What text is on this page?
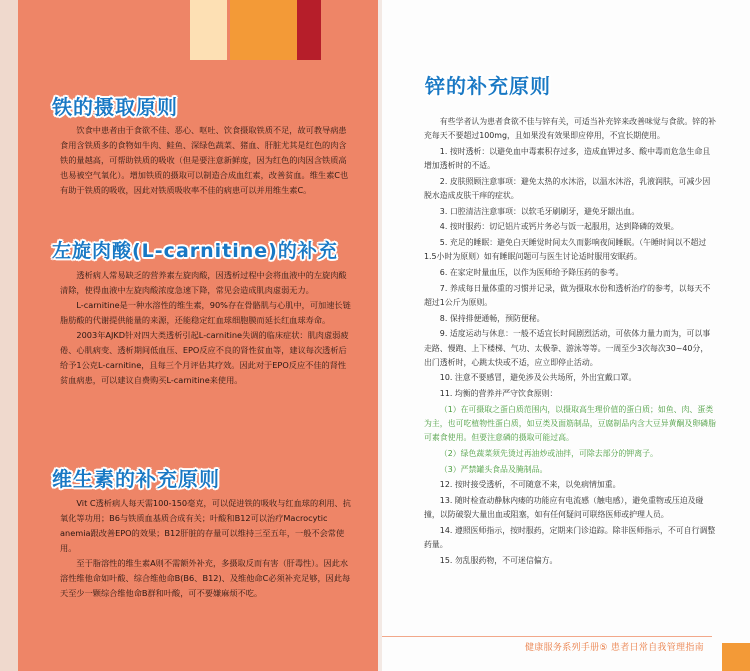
铁的摄取原则

饮食中患者由于食欲不佳、恶心、呕吐、饮食摄取铁质不足，故可教导病患食用含铁质多的食物如牛肉、鲑鱼、深绿色蔬菜、猪血、肝脏尤其是红色的肉含铁的量越高，可帮助铁质的吸收（但是要注意新鲜度，因为红色的肉因含铁质高也易被空气氧化）。增加铁质的摄取可以制造合成血红素，改善贫血。维生素C也有助于铁质的吸收，因此对铁质吸收率不佳的病患可以并用维生素C。

左旋肉酸(L-carnitine)的补充

透析病人常易缺乏的营养素左旋肉酸，因透析过程中会将血液中的左旋肉酸清除，使得血液中左旋肉酸浓度急速下降，常见会造成肌肉虚弱无力。

L-carnitine是一种水溶性的维生素，90%存在骨骼肌与心肌中，可加速长链脂肪酸的代谢提供能量的来源，还能稳定红血球细胞膜而延长红血球寿命。

2003年AJKD针对四大类透析引起L-carnitine失调的临床症状：肌肉虚弱疲倦、心肌病变、透析期间低血压、EPO反应不良的肾性贫血等，建议每次透析后给予1公克L-carnitine，且每三个月评估其疗效。因此对于EPO反应不佳的肾性贫血病患，可以建议自费购买L-carnitine来使用。

维生素的补充原则

Vit C透析病人每天需100-150毫克，可以促进铁的吸收与红血球的利用、抗氧化等功用；B6与铁质血基质合成有关；叶酸和B12可以治疗Macrocytic anemia跟改善EPO的效果；B12肝脏的存量可以维持三至五年，一般不会常使用。

至于脂溶性的维生素A则不需额外补充，多摄取反而有害（肝毒性）。因此水溶性维他命如叶酸、综合维他命B(B6、B12)、及维他命C必须补充足够，因此每天至少一颗综合维他命B群和叶酸，可不要嫌麻烦不吃。

锌的补充原则

有些学者认为患者食欲不佳与锌有关，可适当补充锌来改善味觉与食欲。锌的补充每天不要超过100mg，且如果没有效果即应停用，不宜长期使用。

1. 按时透析：以避免血中毒素积存过多，造成血钾过多、酸中毒而危急生命且增加透析时的不适。

2. 皮肤照顾注意事项：避免太热的水沐浴，以温水沐浴，乳液润肤，可减少因脱水造成皮肤干痒的症状。

3. 口腔清洁注意事项：以软毛牙刷刷牙，避免牙龈出血。

4. 按时服药：切记铝片或钙片务必与饭一起服用，达到降磷的效果。

5. 充足的睡眠：避免白天睡觉时间太久而影响夜间睡眠。（午睡时间以不超过1.5小时为原则）如有睡眠问题可与医生讨论适时服用安眠药。

6. 在家定时量血压，以作为医师给予降压药的参考。

7. 养成每日量体重的习惯并记录，做为摄取水份和透析治疗的参考，以每天不超过1公斤为原则。

8. 保持排便通畅，预防便秘。

9. 适度运动与休息：一般不适宜长时间剧烈活动，可依体力量力而为，可以事走路、慢跑、上下楼梯、气功、太极拳、游泳等等。一周至少3次每次30~40分，出门透析时，心跳太快或不适，应立即停止活动。

10. 注意不要感冒，避免涉及公共场所，外出宜戴口罩。

11. 均衡的营养并严守饮食原则：

（1）在可摄取之蛋白质范围内，以摄取高生理价值的蛋白质；如鱼、肉、蛋类为主，也可吃植物性蛋白质，如豆类及面筋制品，豆腐制品内含大豆异黄酮及卵磷脂可素食使用。但要注意磷的摄取可能过高。

（2）绿色蔬菜须先烫过再油炒或油拌，可除去部分的钾离子。

（3）严禁罐头食品及腌制品。

12. 按时接受透析，不可随意不来，以免病情加重。

13. 随时检查动静脉内瘘的功能应有电流感（触电感），避免重物或压迫及碰撞，以防破裂大量出血或阻塞，如有任何疑问可联络医师或护理人员。

14. 遵照医师指示，按时服药，定期来门诊追踪。除非医师指示，不可自行调整药量。

15. 勿乱服药物，不可迷信偏方。

健康服务系列手册⑤ 患者日常自我管理指南
